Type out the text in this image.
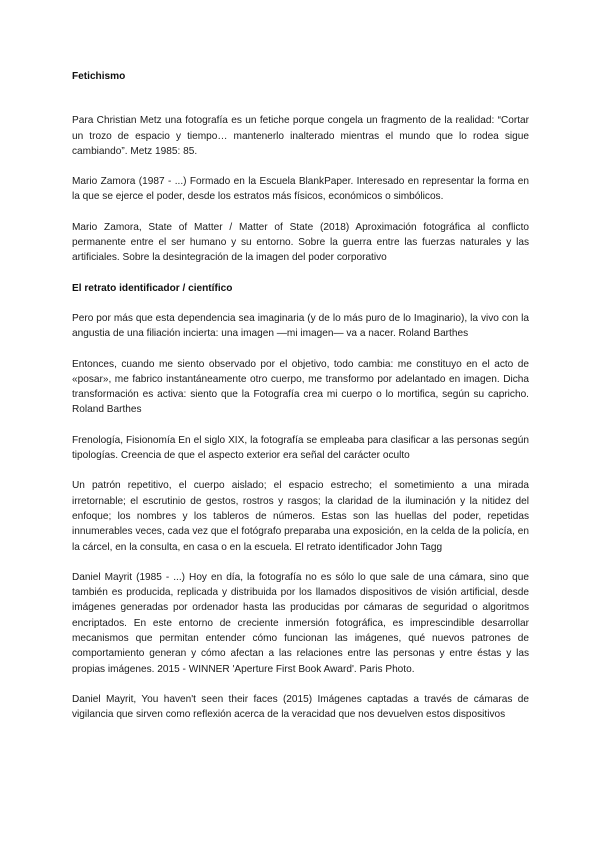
Fetichismo

Para Christian Metz una fotografía es un fetiche porque congela un fragmento de la realidad: “Cortar un trozo de espacio y tiempo… mantenerlo inalterado mientras el mundo que lo rodea sigue cambiando”. Metz 1985: 85.

Mario Zamora (1987 - ...) Formado en la Escuela BlankPaper. Interesado en representar la forma en la que se ejerce el poder, desde los estratos más físicos, económicos o simbólicos.

Mario Zamora, State of Matter / Matter of State (2018) Aproximación fotográfica al conflicto permanente entre el ser humano y su entorno. Sobre la guerra entre las fuerzas naturales y las artificiales. Sobre la desintegración de la imagen del poder corporativo

El retrato identificador / científico

Pero por más que esta dependencia sea imaginaria (y de lo más puro de lo Imaginario), la vivo con la angustia de una filiación incierta: una imagen —mi imagen— va a nacer. Roland Barthes

Entonces, cuando me siento observado por el objetivo, todo cambia: me constituyo en el acto de «posar», me fabrico instantáneamente otro cuerpo, me transformo por adelantado en imagen. Dicha transformación es activa: siento que la Fotografía crea mi cuerpo o lo mortifica, según su capricho. Roland Barthes

Frenología, Fisionomía En el siglo XIX, la fotografía se empleaba para clasificar a las personas según tipologías. Creencia de que el aspecto exterior era señal del carácter oculto

Un patrón repetitivo, el cuerpo aislado; el espacio estrecho; el sometimiento a una mirada irretornable; el escrutinio de gestos, rostros y rasgos; la claridad de la iluminación y la nitidez del enfoque; los nombres y los tableros de números. Estas son las huellas del poder, repetidas innumerables veces, cada vez que el fotógrafo preparaba una exposición, en la celda de la policía, en la cárcel, en la consulta, en casa o en la escuela. El retrato identificador John Tagg

Daniel Mayrit (1985 - ...) Hoy en día, la fotografía no es sólo lo que sale de una cámara, sino que también es producida, replicada y distribuida por los llamados dispositivos de visión artificial, desde imágenes generadas por ordenador hasta las producidas por cámaras de seguridad o algoritmos encriptados. En este entorno de creciente inmersión fotográfica, es imprescindible desarrollar mecanismos que permitan entender cómo funcionan las imágenes, qué nuevos patrones de comportamiento generan y cómo afectan a las relaciones entre las personas y entre éstas y las propias imágenes. 2015 - WINNER 'Aperture First Book Award'. Paris Photo.

Daniel Mayrit, You haven't seen their faces (2015) Imágenes captadas a través de cámaras de vigilancia que sirven como reflexión acerca de la veracidad que nos devuelven estos dispositivos
